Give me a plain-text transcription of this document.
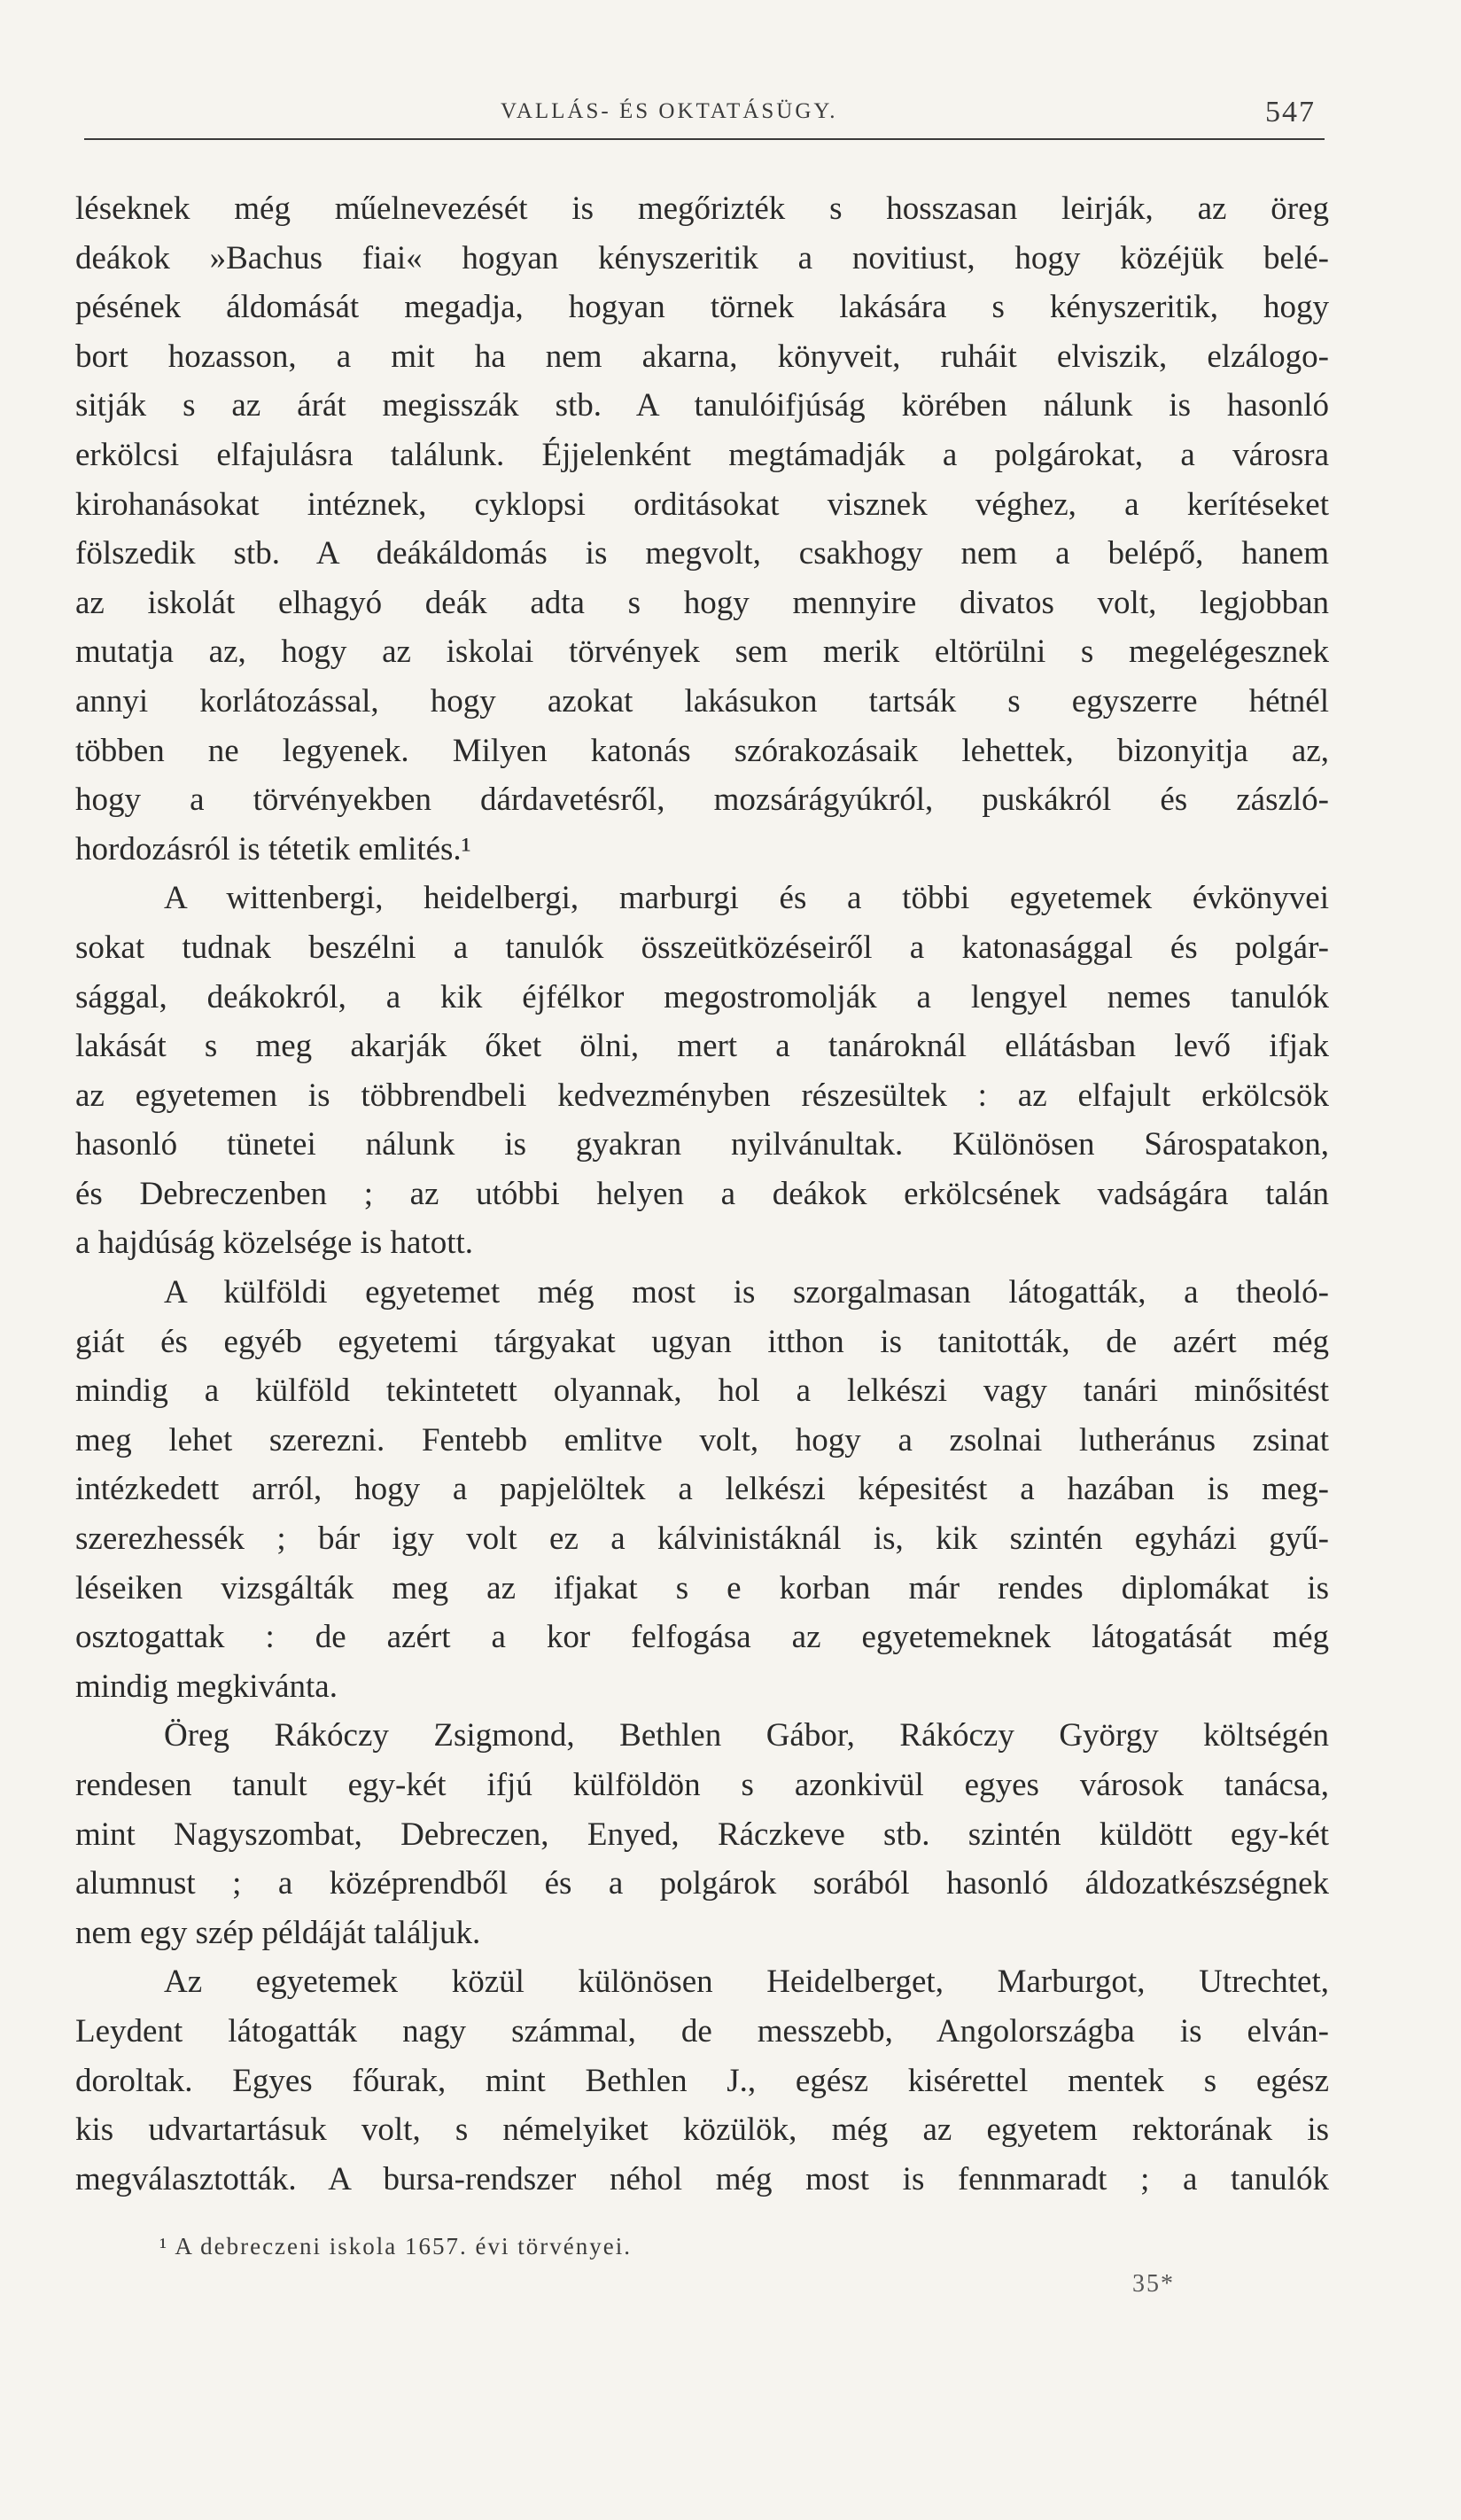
VALLÁS- ÉS OKTATÁSÜGY.	547
léseknek még műelnevezését is megőrizték s hosszasan leirják, az öreg
deákok »Bachus fiai« hogyan kényszeritik a novitiust, hogy közéjük belé-
pésének áldomását megadja, hogyan törnek lakására s kényszeritik, hogy
bort hozasson, a mit ha nem akarna, könyveit, ruháit elviszik, elzálogo-
sitják s az árát megisszák stb. A tanulóifjúság körében nálunk is hasonló
erkölcsi elfajulásra találunk. Éjjelenként megtámadják a polgárokat, a városra
kirohanásokat intéznek, cyklopsi orditásokat visznek véghez, a kerítéseket
fölszedik stb. A deákáldomás is megvolt, csakhogy nem a belépő, hanem
az iskolát elhagyó deák adta s hogy mennyire divatos volt, legjobban
mutatja az, hogy az iskolai törvények sem merik eltörülni s megelégesznek
annyi korlátozással, hogy azokat lakásukon tartsák s egyszerre hétnél
többen ne legyenek. Milyen katonás szórakozásaik lehettek, bizonyitja az,
hogy a törvényekben dárdavetésről, mozsárágyúkról, puskákról és zászló-
hordozásról is tétetik emlités.¹
A wittenbergi, heidelbergi, marburgi és a többi egyetemek évkönyvei
sokat tudnak beszélni a tanulók összeütközéseiről a katonasággal és polgár-
sággal, deákokról, a kik éjfélkor megostromolják a lengyel nemes tanulók
lakását s meg akarják őket ölni, mert a tanároknál ellátásban levő ifjak
az egyetemen is többrendbeli kedvezményben részesültek : az elfajult erkölcsök
hasonló tünetei nálunk is gyakran nyilvánultak. Különösen Sárospatakon,
és Debreczenben ; az utóbbi helyen a deákok erkölcsének vadságára talán
a hajdúság közelsége is hatott.
A külföldi egyetemet még most is szorgalmasan látogatták, a theoló-
giát és egyéb egyetemi tárgyakat ugyan itthon is tanitották, de azért még
mindig a külföld tekintetett olyannak, hol a lelkészi vagy tanári minősitést
meg lehet szerezni. Fentebb emlitve volt, hogy a zsolnai lutheránus zsinat
intézkedett arról, hogy a papjelöltek a lelkészi képesitést a hazában is meg-
szerezhessék ; bár igy volt ez a kálvinistáknál is, kik szintén egyházi gyű-
léseiken vizsgálták meg az ifjakat s e korban már rendes diplomákat is
osztogattak : de azért a kor felfogása az egyetemeknek látogatását még
mindig megkivánta.
Öreg Rákóczy Zsigmond, Bethlen Gábor, Rákóczy György költségén
rendesen tanult egy-két ifjú külföldön s azonkivül egyes városok tanácsa,
mint Nagyszombat, Debreczen, Enyed, Ráczkeve stb. szintén küldött egy-két
alumnust ; a középrendből és a polgárok sorából hasonló áldozatkészségnek
nem egy szép példáját találjuk.
Az egyetemek közül különösen Heidelberget, Marburgot, Utrechtet,
Leydent látogatták nagy számmal, de messzebb, Angolországba is elván-
doroltak. Egyes főurak, mint Bethlen J., egész kisérettel mentek s egész
kis udvartartásuk volt, s némelyiket közülök, még az egyetem rektorának is
megválasztották. A bursa-rendszer néhol még most is fennmaradt ; a tanulók
¹ A debreczeni iskola 1657. évi törvényei.
35*
